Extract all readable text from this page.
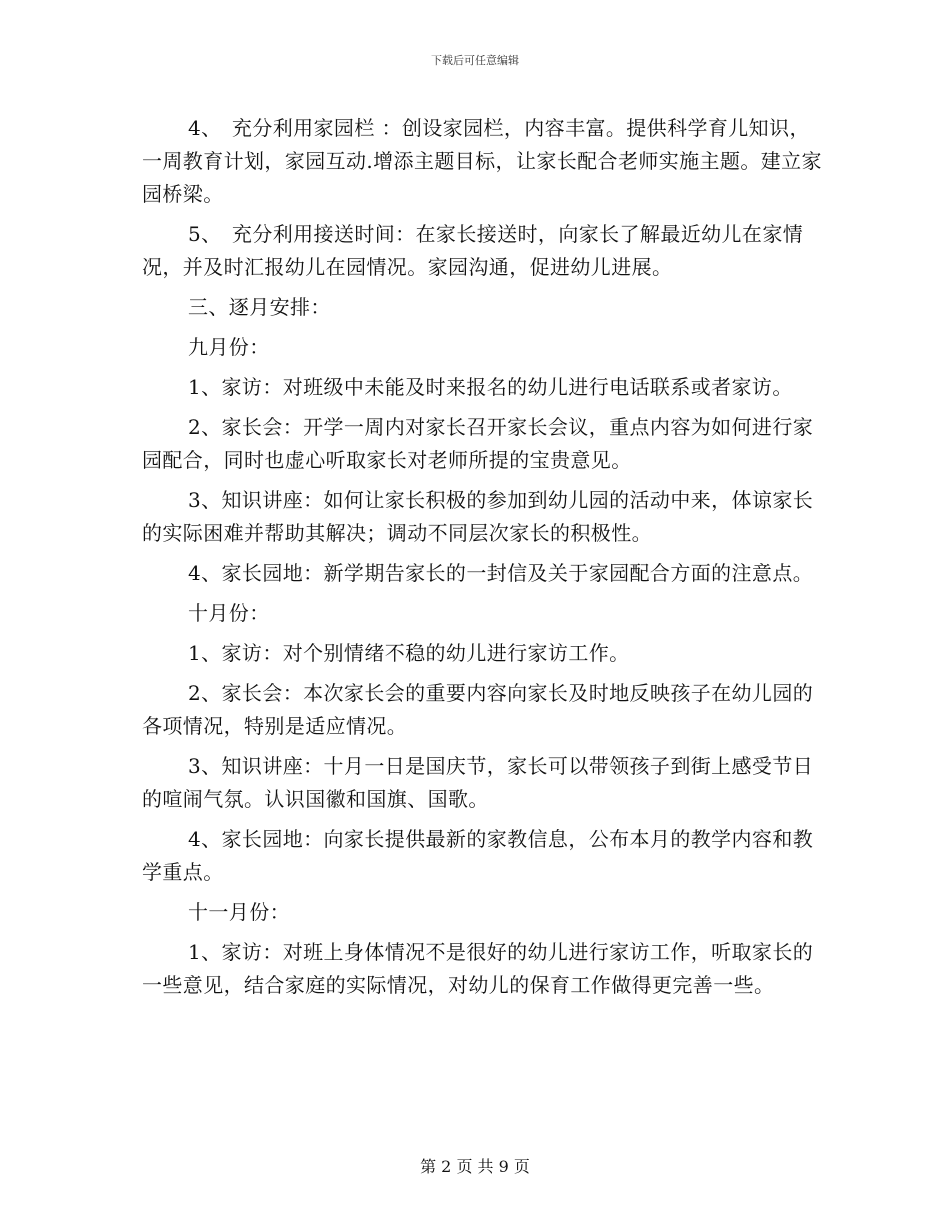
下载后可任意编辑

4、　充分利用家园栏 ：创设家园栏，内容丰富。提供科学育儿知识，一周教育计划，家园互动.增添主题目标，让家长配合老师实施主题。建立家园桥梁。

5、　充分利用接送时间：在家长接送时，向家长了解最近幼儿在家情况，并及时汇报幼儿在园情况。家园沟通，促进幼儿进展。

三、逐月安排：

九月份：

1、家访：对班级中未能及时来报名的幼儿进行电话联系或者家访。

2、家长会：开学一周内对家长召开家长会议，重点内容为如何进行家园配合，同时也虚心听取家长对老师所提的宝贵意见。

3、知识讲座：如何让家长积极的参加到幼儿园的活动中来，体谅家长的实际困难并帮助其解决；调动不同层次家长的积极性。

4、家长园地：新学期告家长的一封信及关于家园配合方面的注意点。

十月份：

1、家访：对个别情绪不稳的幼儿进行家访工作。

2、家长会：本次家长会的重要内容向家长及时地反映孩子在幼儿园的各项情况，特别是适应情况。

3、知识讲座：十月一日是国庆节，家长可以带领孩子到街上感受节日的喧闹气氛。认识国徽和国旗、国歌。

4、家长园地：向家长提供最新的家教信息，公布本月的教学内容和教学重点。

十一月份：

1、家访：对班上身体情况不是很好的幼儿进行家访工作，听取家长的一些意见，结合家庭的实际情况，对幼儿的保育工作做得更完善一些。

第 2 页 共 9 页
